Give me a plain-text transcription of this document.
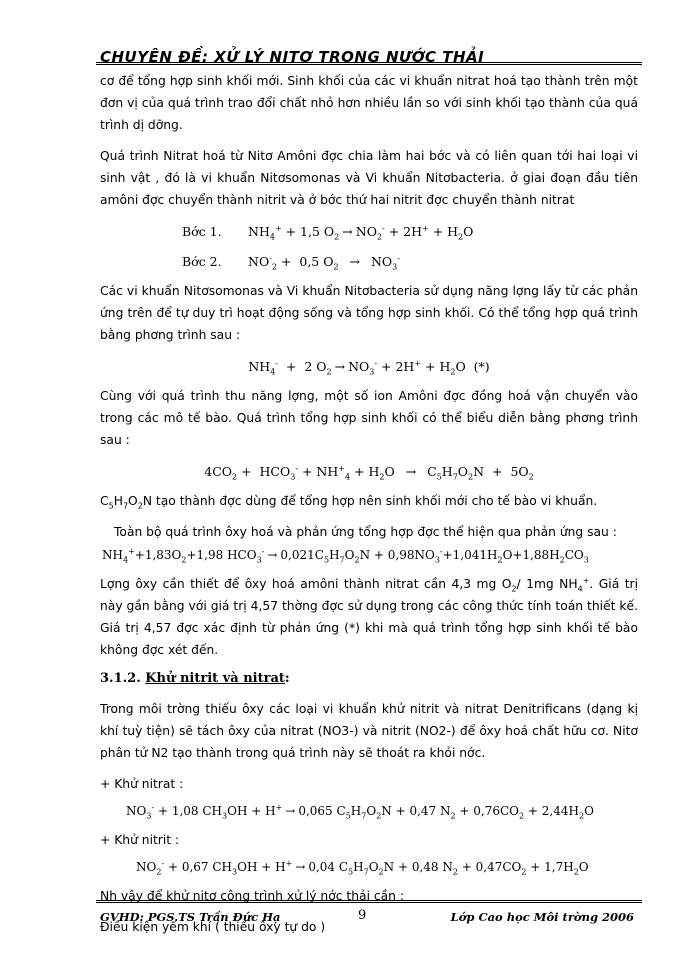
CHUYÊN ĐỀ: XỬ LÝ NITƠ TRONG NƯỚC THẢI

cơ để tổng hợp sinh khối mới. Sinh khối của các vi khuẩn nitrat hoá tạo thành trên một đơn vị của quá trình trao đổi chất nhỏ hơn nhiều lần so với sinh khối tạo thành của quá trình dị dỡng.

Quá trình Nitrat hoá từ Nitơ Amôni đợc chia làm hai bớc và có liên quan tới hai loại vi sinh vật , đó là vi khuẩn Nitơsomonas và Vi khuẩn Nitơbacteria. ở giai đoạn đầu tiên amôni đợc chuyển thành nitrit và ở bớc thứ hai nitrit đợc chuyển thành nitrat

Bớc 1. $NH_4^+ + 1,5$ $O_2 \to NO_2^- + 2H^+ + H_2O$
Bớc 2. $NO^-_2 + 0,5$ $O_2 \to NO_3^-$

Các vi khuẩn Nitơsomonas và Vi khuẩn Nitơbacteria sử dụng năng lợng lấy từ các phản ứng trên để tự duy trì hoạt động sống và tổng hợp sinh khối. Có thể tổng hợp quá trình bằng phơng trình sau :

$NH_4^- + 2$ $O_2 \to NO_3^- + 2H^+ + H_2O$  (*)

Cùng với quá trình thu năng lợng, một số ion Amôni đợc đồng hoá vận chuyển vào trong các mô tế bào. Quá trình tổng hợp sinh khối có thể biểu diễn bằng phơng trình sau :

$4CO_2 + HCO_3^- + NH^+_4 + H_2O \to C_5H_7O_2N + 5O_2$

$C_5H_7O_2N$ tạo thành đợc dùng để tổng hợp nên sinh khối mới cho tế bào vi khuẩn.

Toàn bộ quá trình ôxy hoá và phản ứng tổng hợp đợc thể hiện qua phản ứng sau :

$NH_4^++1,83O_2+1,98$ $HCO_3^- \to 0,021C_5H_7O_2N + 0,98NO_3^-+1,041H_2O+1,88H_2CO_3$

Lợng ôxy cần thiết để ôxy hoá amôni thành nitrat cần 4,3 mg $O_2/$ 1mg $NH_4^+$. Giá trị này gần bằng với giá trị 4,57 thờng đợc sử dụng trong các công thức tính toán thiết kế. Giá trị 4,57 đợc xác định từ phản ứng (*) khi mà quá trình tổng hợp sinh khối tế bào không đợc xét đến.

3.1.2. Khử nitrit và nitrat:

Trong môi trờng thiếu ôxy các loại vi khuẩn khử nitrit và nitrat Denitrificans (dạng kị khí tuỳ tiện) sẽ tách ôxy của nitrat (NO3-) và nitrit (NO2-) để ôxy hoá chất hữu cơ. Nitơ phân tử N2 tạo thành trong quá trình này sẽ thoát ra khỏi nớc.

+ Khử nitrat :

$NO_3^- + 1,08$ $CH_3OH + H^+ \to 0,065$ $C_5H_7O_2N + 0,47$ $N_2 + 0,76CO_2 + 2,44H_2O$

+ Khử nitrit :

$NO_2^- + 0,67$ $CH_3OH + H^+ \to 0,04$ $C_5H_7O_2N + 0,48$ $N_2 + 0,47CO_2 + 1,7H_2O$

Nh vậy để khử nitơ công trình xử lý nớc thải cần :

Điều kiện yếm khí ( thiếu ôxy tự do )

GVHD: PGS.TS Trần Đức Hạ	9	Lớp Cao học Môi trờng 2006
